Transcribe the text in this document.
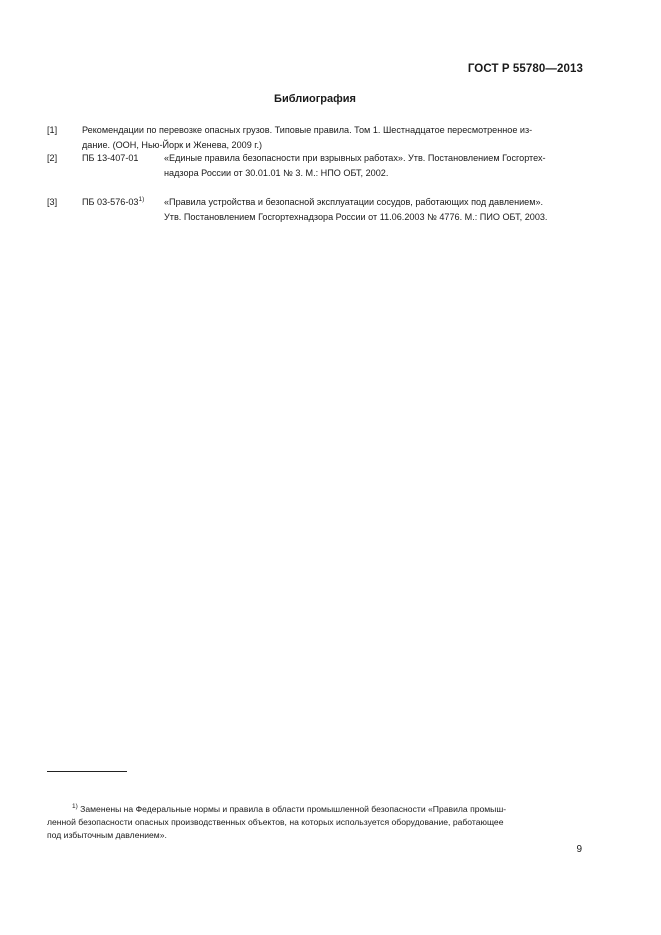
ГОСТ Р 55780—2013
Библиография
[1]	Рекомендации по перевозке опасных грузов. Типовые правила. Том 1. Шестнадцатое пересмотренное из-
дание. (ООН, Нью-Йорк и Женева, 2009 г.)
[2]	ПБ 13-407-01	«Единые правила безопасности при взрывных работах». Утв. Постановлением Госгортех-
надзора России от 30.01.01 № 3. М.: НПО ОБТ, 2002.
[3]	ПБ 03-576-03$^{1)}$ «Правила устройства и безопасной эксплуатации сосудов, работающих под давлением».
Утв. Постановлением Госгортехнадзора России от 11.06.2003 № 4776. М.: ПИО ОБТ, 2003.
$^{1)}$ Заменены на Федеральные нормы и правила в области промышленной безопасности «Правила промыш-
ленной безопасности опасных производственных объектов, на которых используется оборудование, работающее
под избыточным давлением».
9
